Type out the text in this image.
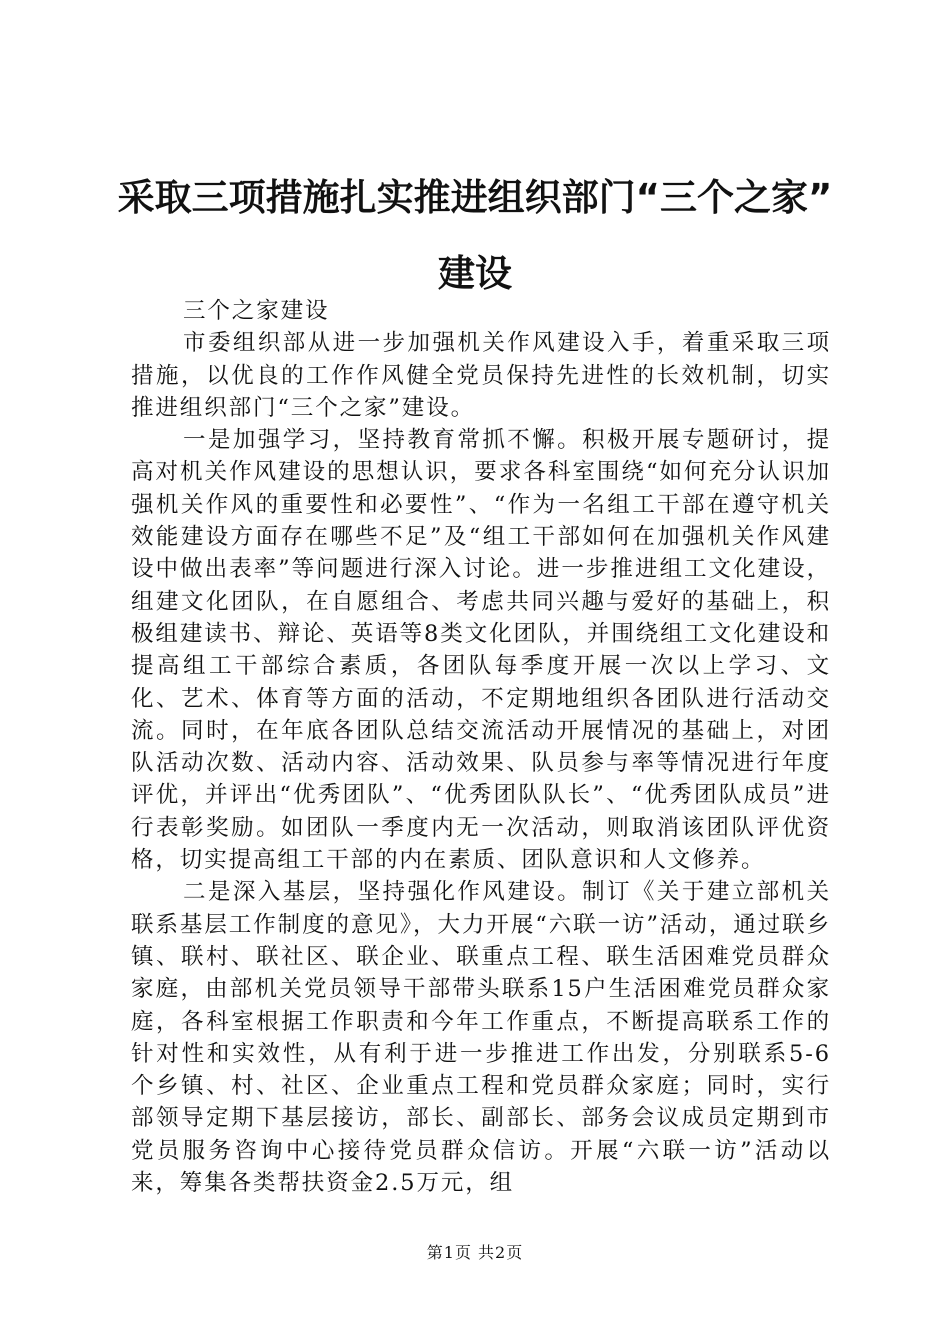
采取三项措施扎实推进组织部门“三个之家”
建设

三个之家建设

市委组织部从进一步加强机关作风建设入手，着重采取三项措施，以优良的工作作风健全党员保持先进性的长效机制，切实推进组织部门“三个之家”建设。

一是加强学习，坚持教育常抓不懈。积极开展专题研讨，提高对机关作风建设的思想认识，要求各科室围绕“如何充分认识加强机关作风的重要性和必要性”、“作为一名组工干部在遵守机关效能建设方面存在哪些不足”及“组工干部如何在加强机关作风建设中做出表率”等问题进行深入讨论。进一步推进组工文化建设，组建文化团队，在自愿组合、考虑共同兴趣与爱好的基础上，积极组建读书、辩论、英语等8类文化团队，并围绕组工文化建设和提高组工干部综合素质，各团队每季度开展一次以上学习、文化、艺术、体育等方面的活动，不定期地组织各团队进行活动交流。同时，在年底各团队总结交流活动开展情况的基础上，对团队活动次数、活动内容、活动效果、队员参与率等情况进行年度评优，并评出“优秀团队”、“优秀团队队长”、“优秀团队成员”进行表彰奖励。如团队一季度内无一次活动，则取消该团队评优资格，切实提高组工干部的内在素质、团队意识和人文修养。

二是深入基层，坚持强化作风建设。制订《关于建立部机关联系基层工作制度的意见》，大力开展“六联一访”活动，通过联乡镇、联村、联社区、联企业、联重点工程、联生活困难党员群众家庭，由部机关党员领导干部带头联系15户生活困难党员群众家庭，各科室根据工作职责和今年工作重点，不断提高联系工作的针对性和实效性，从有利于进一步推进工作出发，分别联系5-6个乡镇、村、社区、企业重点工程和党员群众家庭；同时，实行部领导定期下基层接访，部长、副部长、部务会议成员定期到市党员服务咨询中心接待党员群众信访。开展“六联一访”活动以来，筹集各类帮扶资金2.5万元，组

第1页 共2页
